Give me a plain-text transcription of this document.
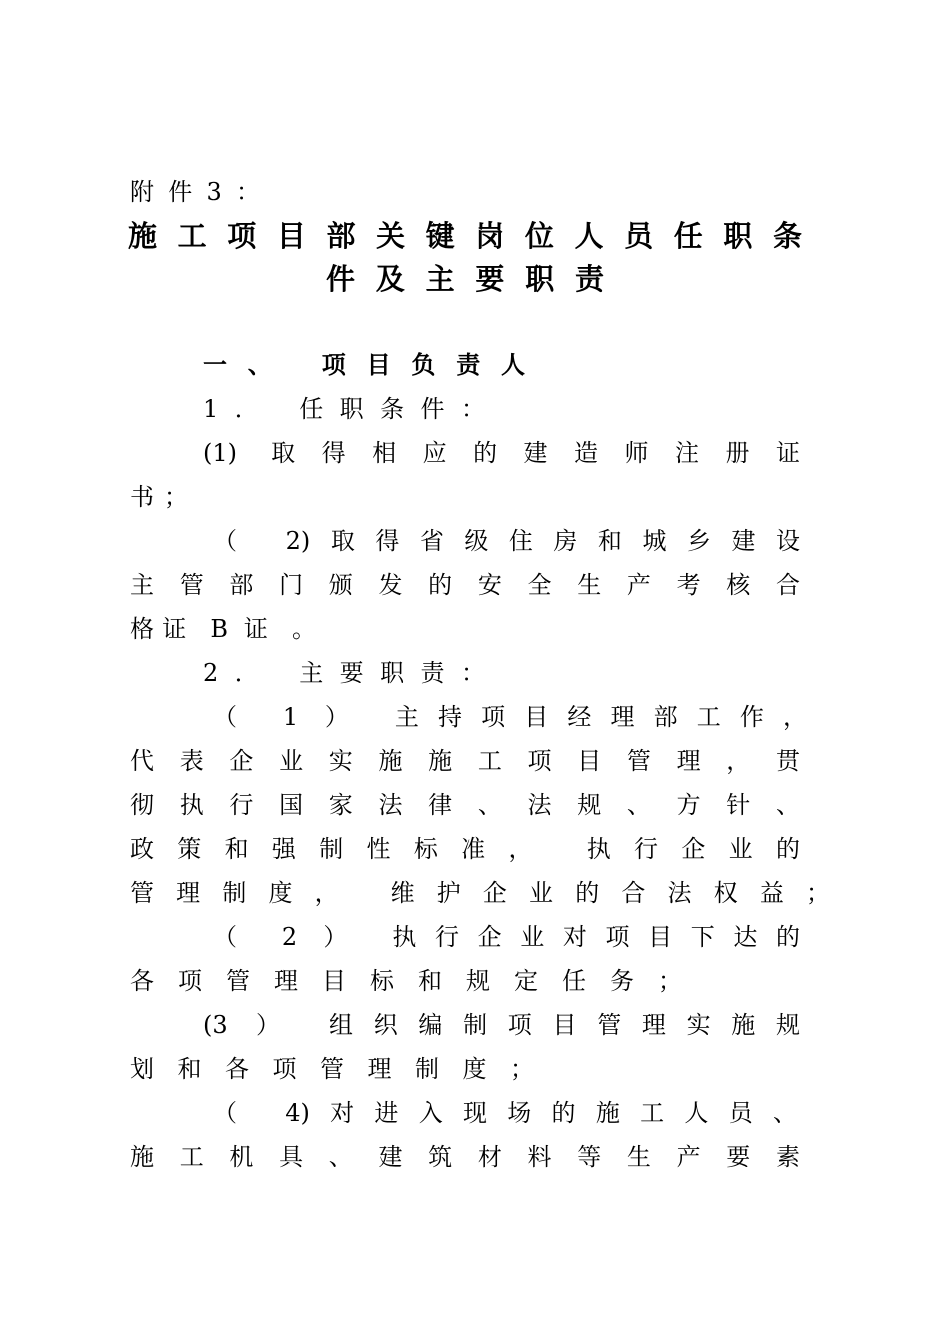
附件3：
施工项目部关键岗位人员任职条
件及主要职责
一、 项目负责人
1． 任职条件：
(1) 取得相应的建造师注册证
书；
（ 2)取得省级住房和城乡建设
主管部门颁发的安全生产考核合
格证 B 证 。
2． 主要职责：
（ 1 ） 主持项目经理部工作，
代表企业实施施工项目管理，贯
彻执行国家法律、法规、方针、
政策和强制性标准， 执行企业的
管理制度， 维护企业的合法权益；
（ 2 ） 执行企业对项目下达的
各项管理目标和规定任务；
(3 ） 组织编制项目管理实施规
划和各项管理制度；
（ 4)对进入现场的施工人员、
施工机具、建筑材料等生产要素
